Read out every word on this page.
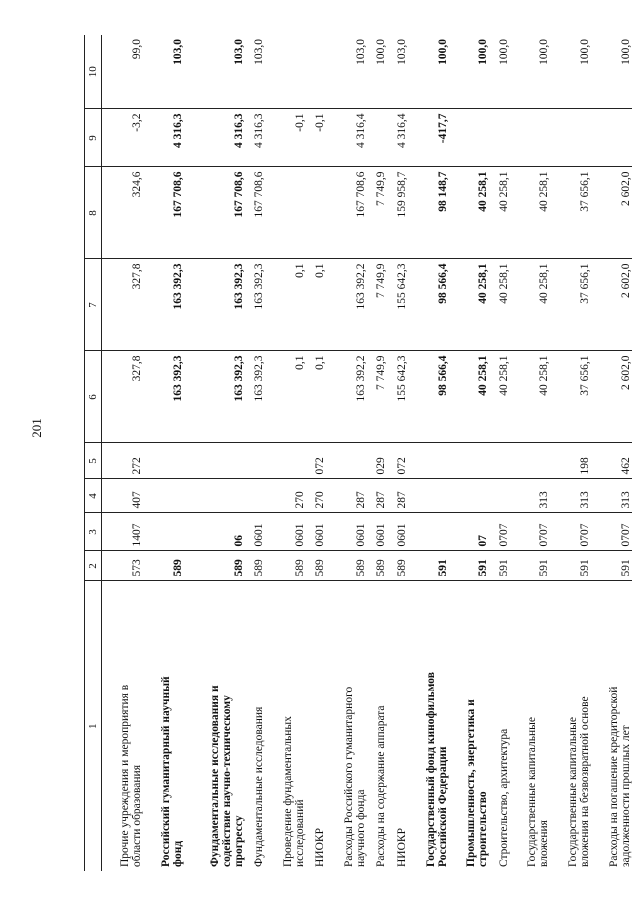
201
1	2	3	4	5	6	7	8	9	10

Прочие учреждения и мероприятия в области образования	573	1407	407	272	327,8	327,8	324,6	-3,2	99,0

Российский гуманитарный научный фонд	589				163 392,3	163 392,3	167 708,6	4 316,3	103,0

Фундаментальные исследования и содействие научно-техническому прогрессу	589	06			163 392,3	163 392,3	167 708,6	4 316,3	103,0

Фундаментальные исследования	589	0601			163 392,3	163 392,3	167 708,6	4 316,3	103,0

Проведение фундаментальных исследований	589	0601	270		0,1	0,1		-0,1	

НИОКР	589	0601	270	072	0,1	0,1		-0,1	

Расходы Российского гуманитарного научного фонда	589	0601	287		163 392,2	163 392,2	167 708,6	4 316,4	103,0

Расходы на содержание аппарата	589	0601	287	029	7 749,9	7 749,9	7 749,9		100,0

НИОКР	589	0601	287	072	155 642,3	155 642,3	159 958,7	4 316,4	103,0

Государственный фонд кинофильмов Российской Федерации	591				98 566,4	98 566,4	98 148,7	-417,7	100,0

Промышленность, энергетика и строительство	591	07			40 258,1	40 258,1	40 258,1		100,0

Строительство, архитектура	591	0707			40 258,1	40 258,1	40 258,1		100,0

Государственные капитальные вложения	591	0707	313		40 258,1	40 258,1	40 258,1		100,0

Государственные капитальные вложения на безвозвратной основе	591	0707	313	198	37 656,1	37 656,1	37 656,1		100,0

Расходы на погашение кредиторской задолженности прошлых лет	591	0707	313	462	2 602,0	2 602,0	2 602,0		100,0
